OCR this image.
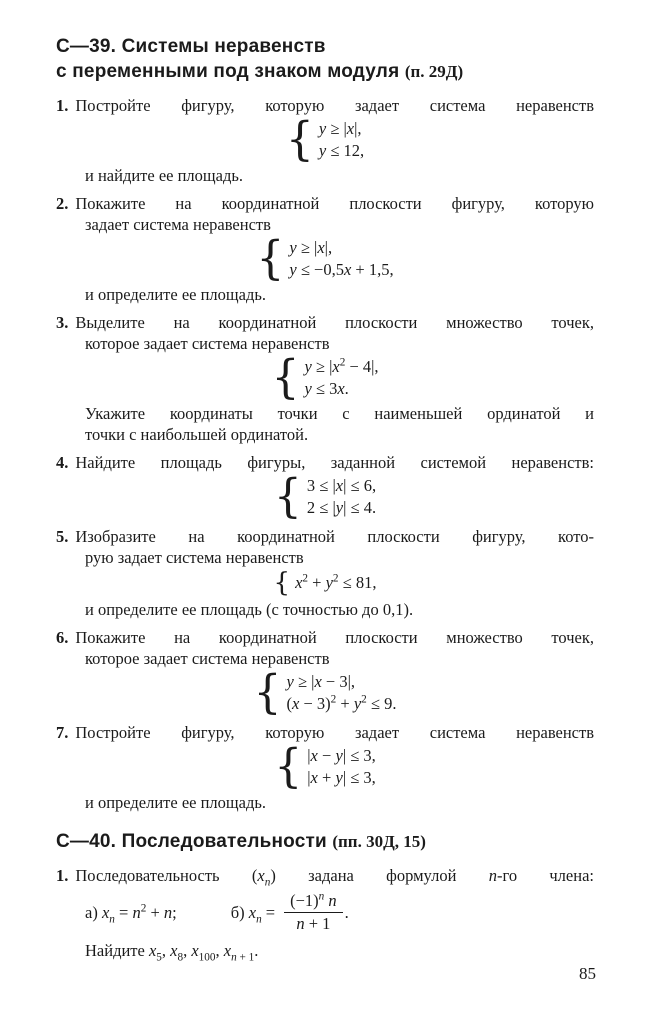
С—39. Системы неравенств
с переменными под знаком модуля (п. 29Д)
1. Постройте фигуру, которую задает система неравенств
{ y ≥ |x|,
y ≤ 12,
и найдите ее площадь.
2. Покажите на координатной плоскости фигуру, которую
задает система неравенств
{ y ≥ |x|,
y ≤ −0,5x + 1,5,
и определите ее площадь.
3. Выделите на координатной плоскости множество точек,
которое задает система неравенств
{ $y \ge |x^2 - 4|$,
y ≤ 3x.
Укажите координаты точки с наименьшей ординатой и
точки с наибольшей ординатой.
4. Найдите площадь фигуры, заданной системой неравенств:
{ 3 ≤ |x| ≤ 6,
2 ≤ |y| ≤ 4.
5. Изобразите на координатной плоскости фигуру, кото-
рую задает система неравенств
{ $x^2 + y^2 \le 81$,
и определите ее площадь (с точностью до 0,1).
6. Покажите на координатной плоскости множество точек,
которое задает система неравенств
{ y ≥ |x − 3|,
$(x - 3)^2 + y^2 \le 9$.
7. Постройте фигуру, которую задает система неравенств
{ |x − y| ≤ 3,
|x + y| ≤ 3,
и определите ее площадь.
С—40. Последовательности (пп. 30Д, 15)
1. Последовательность $(x_n)$ задана формулой n-го члена:
а) $x_n = n^2 + n$;	б) $x_n = \frac{(-1)^n n}{n + 1}$ .
Найдите $x_5$, $x_8$, $x_{100}$, $x_{n + 1}$.
85
